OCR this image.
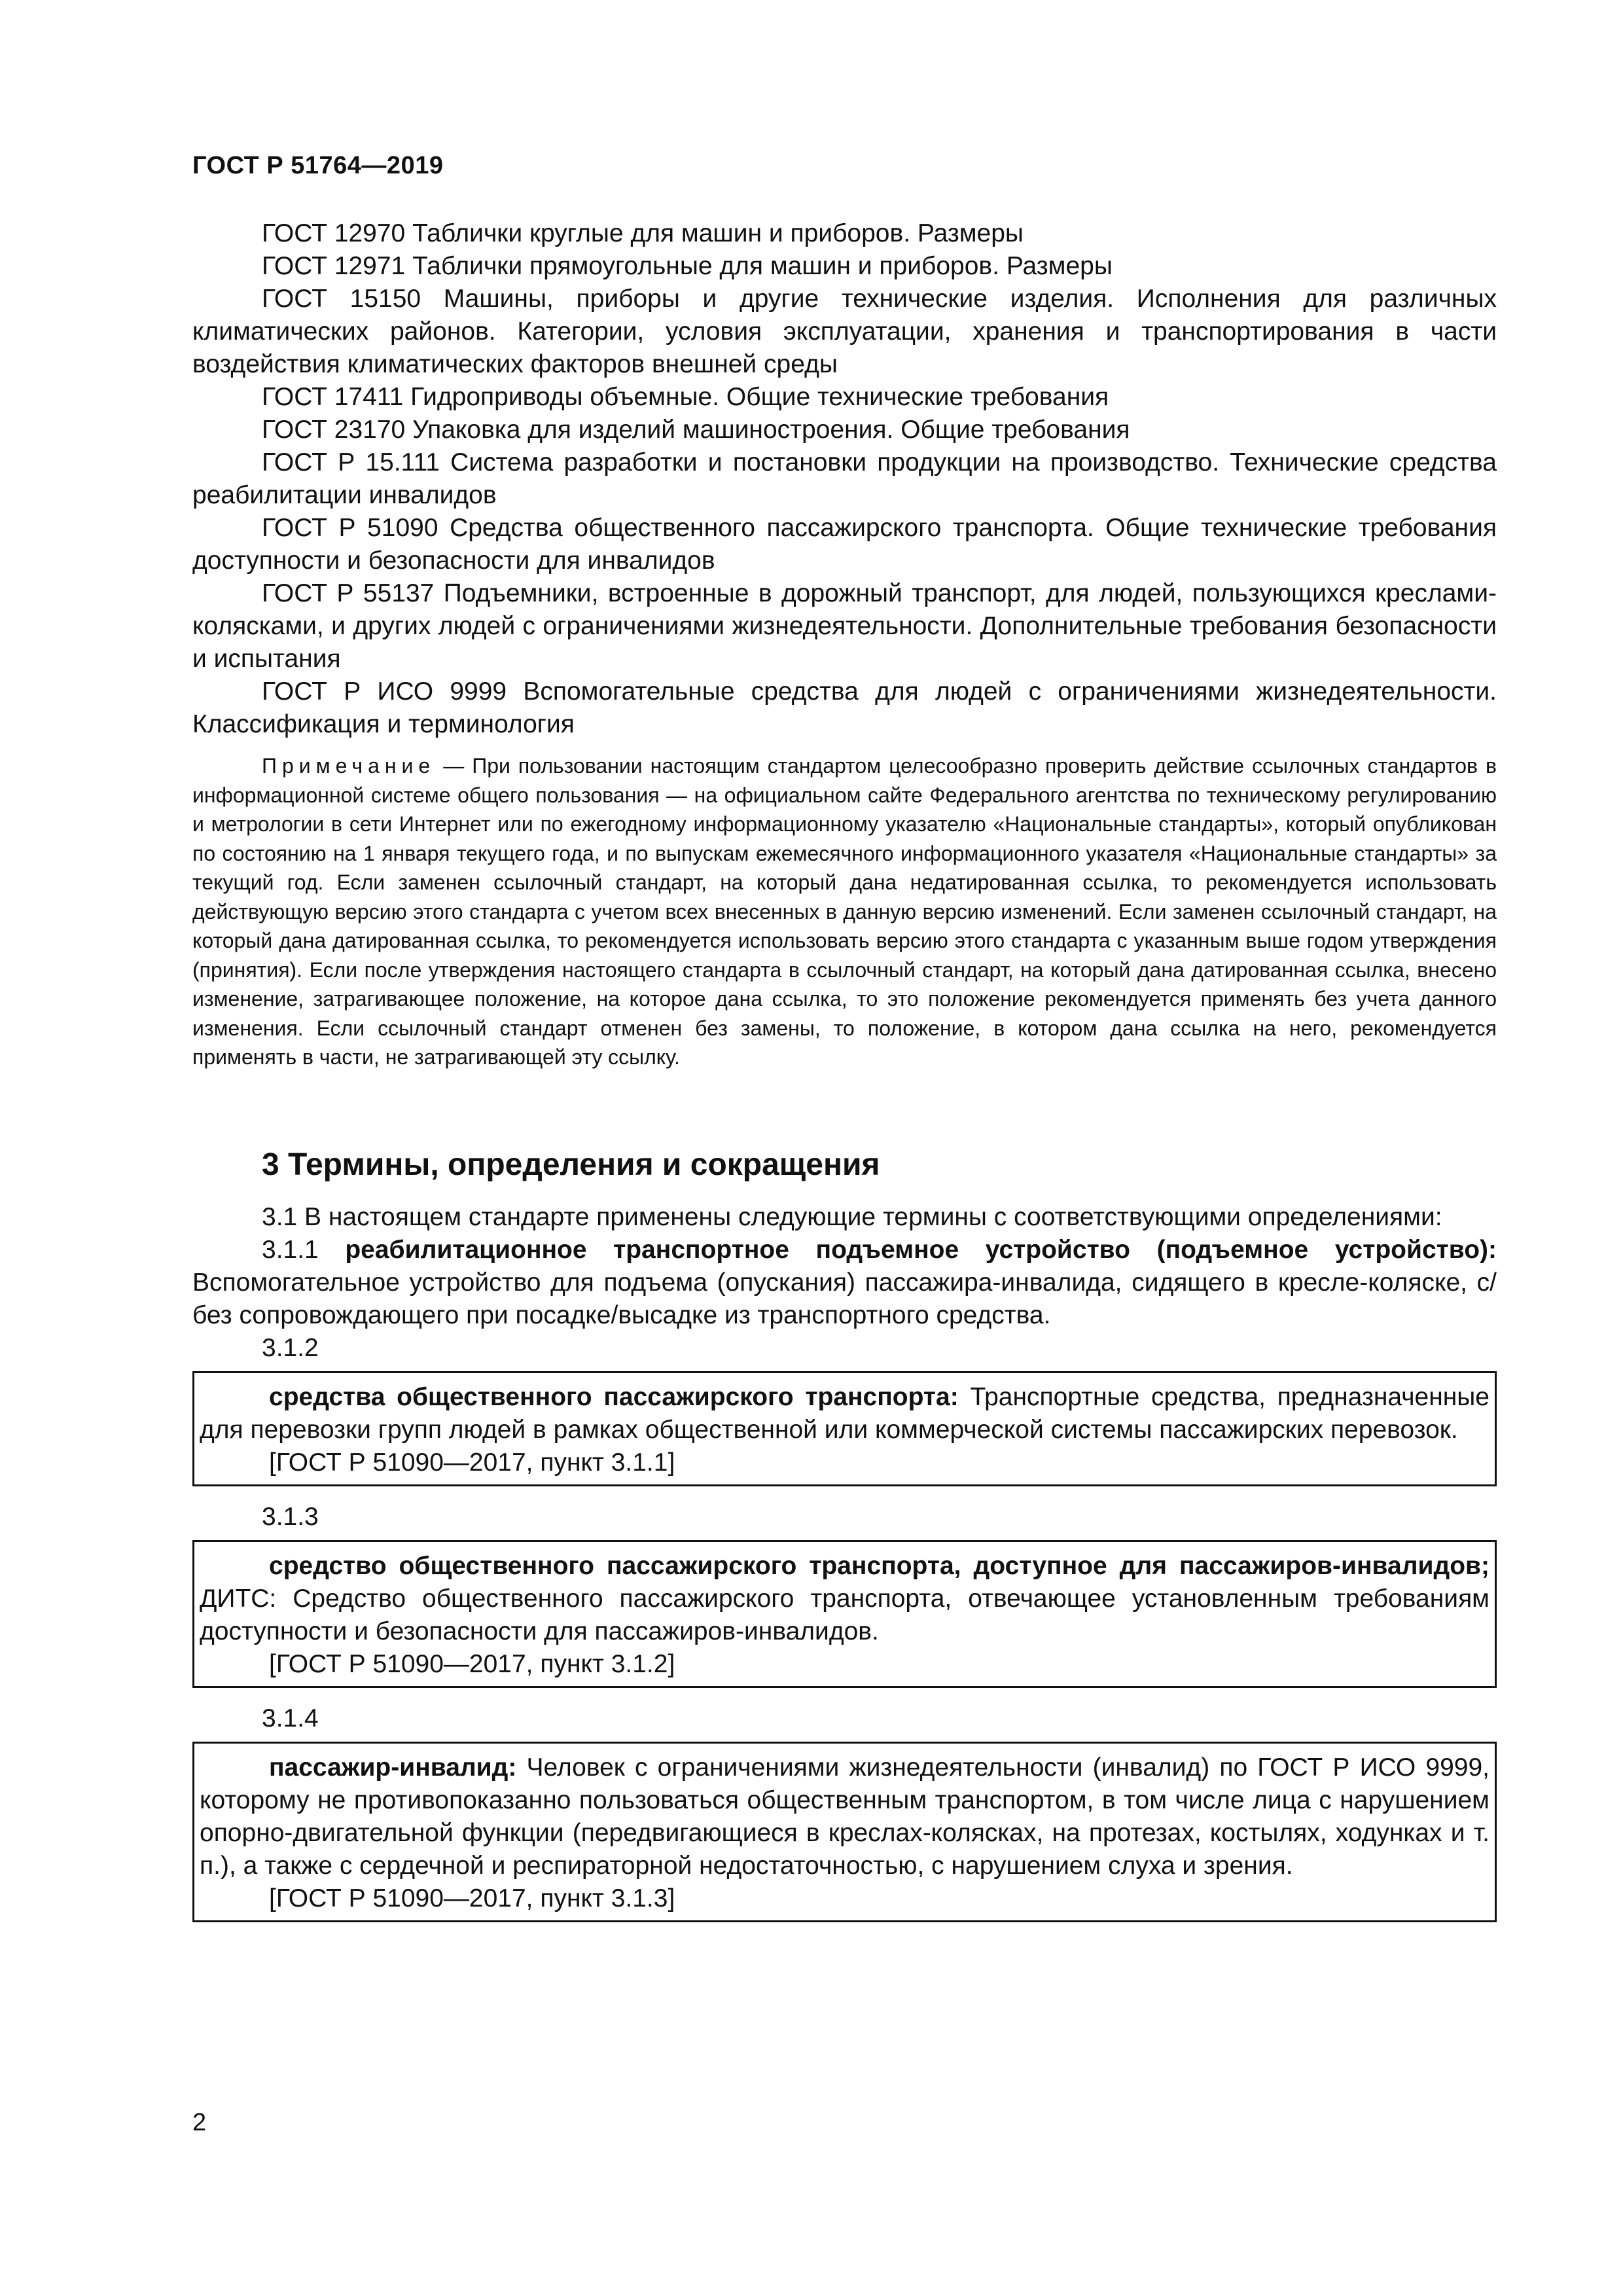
ГОСТ Р 51764—2019

ГОСТ 12970 Таблички круглые для машин и приборов. Размеры

ГОСТ 12971 Таблички прямоугольные для машин и приборов. Размеры

ГОСТ 15150 Машины, приборы и другие технические изделия. Исполнения для различных климатических районов. Категории, условия эксплуатации, хранения и транспортирования в части воздействия климатических факторов внешней среды

ГОСТ 17411 Гидроприводы объемные. Общие технические требования

ГОСТ 23170 Упаковка для изделий машиностроения. Общие требования

ГОСТ Р 15.111 Система разработки и постановки продукции на производство. Технические средства реабилитации инвалидов

ГОСТ Р 51090 Средства общественного пассажирского транспорта. Общие технические требования доступности и безопасности для инвалидов

ГОСТ Р 55137 Подъемники, встроенные в дорожный транспорт, для людей, пользующихся креслами-колясками, и других людей с ограничениями жизнедеятельности. Дополнительные требования безопасности и испытания

ГОСТ Р ИСО 9999 Вспомогательные средства для людей с ограничениями жизнедеятельности. Классификация и терминология

Примечание — При пользовании настоящим стандартом целесообразно проверить действие ссылочных стандартов в информационной системе общего пользования — на официальном сайте Федерального агентства по техническому регулированию и метрологии в сети Интернет или по ежегодному информационному указателю «Национальные стандарты», который опубликован по состоянию на 1 января текущего года, и по выпускам ежемесячного информационного указателя «Национальные стандарты» за текущий год. Если заменен ссылочный стандарт, на который дана недатированная ссылка, то рекомендуется использовать действующую версию этого стандарта с учетом всех внесенных в данную версию изменений. Если заменен ссылочный стандарт, на который дана датированная ссылка, то рекомендуется использовать версию этого стандарта с указанным выше годом утверждения (принятия). Если после утверждения настоящего стандарта в ссылочный стандарт, на который дана датированная ссылка, внесено изменение, затрагивающее положение, на которое дана ссылка, то это положение рекомендуется применять без учета данного изменения. Если ссылочный стандарт отменен без замены, то положение, в котором дана ссылка на него, рекомендуется применять в части, не затрагивающей эту ссылку.

3 Термины, определения и сокращения

3.1 В настоящем стандарте применены следующие термины с соответствующими определениями:

3.1.1 реабилитационное транспортное подъемное устройство (подъемное устройство): Вспомогательное устройство для подъема (опускания) пассажира-инвалида, сидящего в кресле-коляске, с/без сопровождающего при посадке/высадке из транспортного средства.

3.1.2

средства общественного пассажирского транспорта: Транспортные средства, предназначенные для перевозки групп людей в рамках общественной или коммерческой системы пассажирских перевозок.

[ГОСТ Р 51090—2017, пункт 3.1.1]

3.1.3

средство общественного пассажирского транспорта, доступное для пассажиров-инвалидов; ДИТС: Средство общественного пассажирского транспорта, отвечающее установленным требованиям доступности и безопасности для пассажиров-инвалидов.

[ГОСТ Р 51090—2017, пункт 3.1.2]

3.1.4

пассажир-инвалид: Человек с ограничениями жизнедеятельности (инвалид) по ГОСТ Р ИСО 9999, которому не противопоказанно пользоваться общественным транспортом, в том числе лица с нарушением опорно-двигательной функции (передвигающиеся в креслах-колясках, на протезах, костылях, ходунках и т. п.), а также с сердечной и респираторной недостаточностью, с нарушением слуха и зрения.

[ГОСТ Р 51090—2017, пункт 3.1.3]

2
